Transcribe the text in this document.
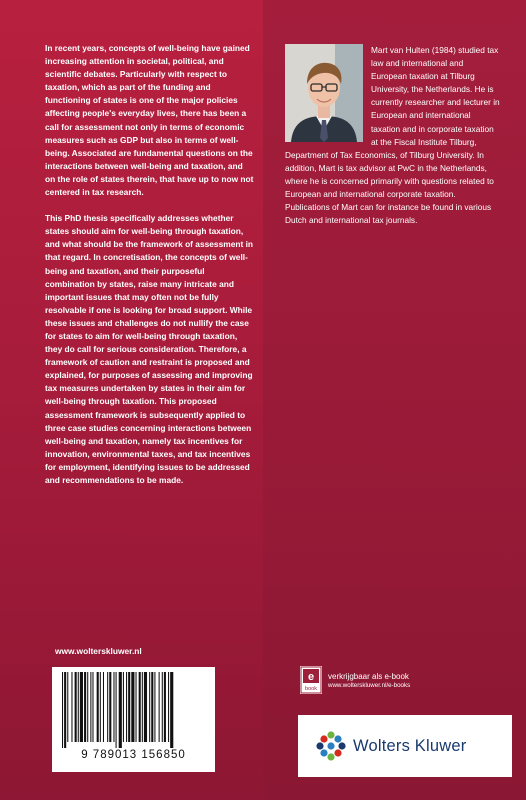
In recent years, concepts of well-being have gained increasing attention in societal, political, and scientific debates. Particularly with respect to taxation, which as part of the funding and functioning of states is one of the major policies affecting people's everyday lives, there has been a call for assessment not only in terms of economic measures such as GDP but also in terms of well-being. Associated are fundamental questions on the interactions between well-being and taxation, and on the role of states therein, that have up to now not centered in tax research.

This PhD thesis specifically addresses whether states should aim for well-being through taxation, and what should be the framework of assessment in that regard. In concretisation, the concepts of well-being and taxation, and their purposeful combination by states, raise many intricate and important issues that may often not be fully resolvable if one is looking for broad support. While these issues and challenges do not nullify the case for states to aim for well-being through taxation, they do call for serious consideration. Therefore, a framework of caution and restraint is proposed and explained, for purposes of assessing and improving tax measures undertaken by states in their aim for well-being through taxation. This proposed assessment framework is subsequently applied to three case studies concerning interactions between well-being and taxation, namely tax incentives for innovation, environmental taxes, and tax incentives for employment, identifying issues to be addressed and recommendations to be made.

Mart van Hulten (1984) studied tax law and international and European taxation at Tilburg University, the Netherlands. He is currently researcher and lecturer in European and international taxation and in corporate taxation at the Fiscal Institute Tilburg, Department of Tax Economics, of Tilburg University. In addition, Mart is tax advisor at PwC in the Netherlands, where he is concerned primarily with questions related to European and international corporate taxation. Publications of Mart can for instance be found in various Dutch and international tax journals.
www.wolterskluwer.nl
9 789013 156850
e
book
verkrijgbaar als e-book
www.wolterskluwer.nl/e-books
Wolters Kluwer
